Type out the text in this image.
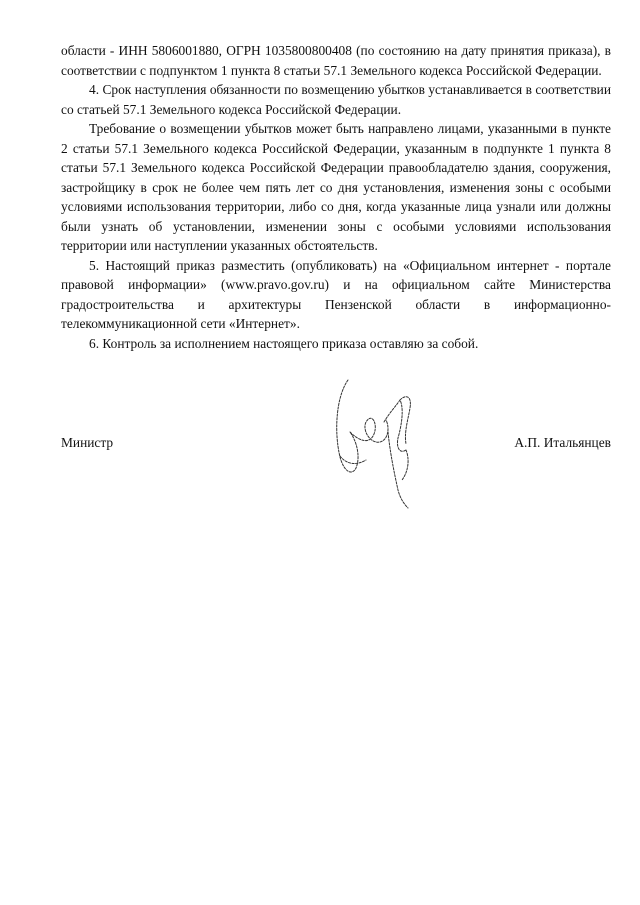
области - ИНН 5806001880, ОГРН 1035800800408 (по состоянию на дату принятия приказа), в соответствии с подпунктом 1 пункта 8 статьи 57.1 Земельного кодекса Российской Федерации.

4. Срок наступления обязанности по возмещению убытков устанавливается в соответствии со статьей 57.1 Земельного кодекса Российской Федерации.

Требование о возмещении убытков может быть направлено лицами, указанными в пункте 2 статьи 57.1 Земельного кодекса Российской Федерации, указанным в подпункте 1 пункта 8 статьи 57.1 Земельного кодекса Российской Федерации правообладателю здания, сооружения, застройщику в срок не более чем пять лет со дня установления, изменения зоны с особыми условиями использования территории, либо со дня, когда указанные лица узнали или должны были узнать об установлении, изменении зоны с особыми условиями использования территории или наступлении указанных обстоятельств.

5. Настоящий приказ разместить (опубликовать) на «Официальном интернет - портале правовой информации» (www.pravo.gov.ru) и на официальном сайте Министерства градостроительства и архитектуры Пензенской области в информационно-телекоммуникационной сети «Интернет».

6. Контроль за исполнением настоящего приказа оставляю за собой.

Министр	А.П. Итальянцев
